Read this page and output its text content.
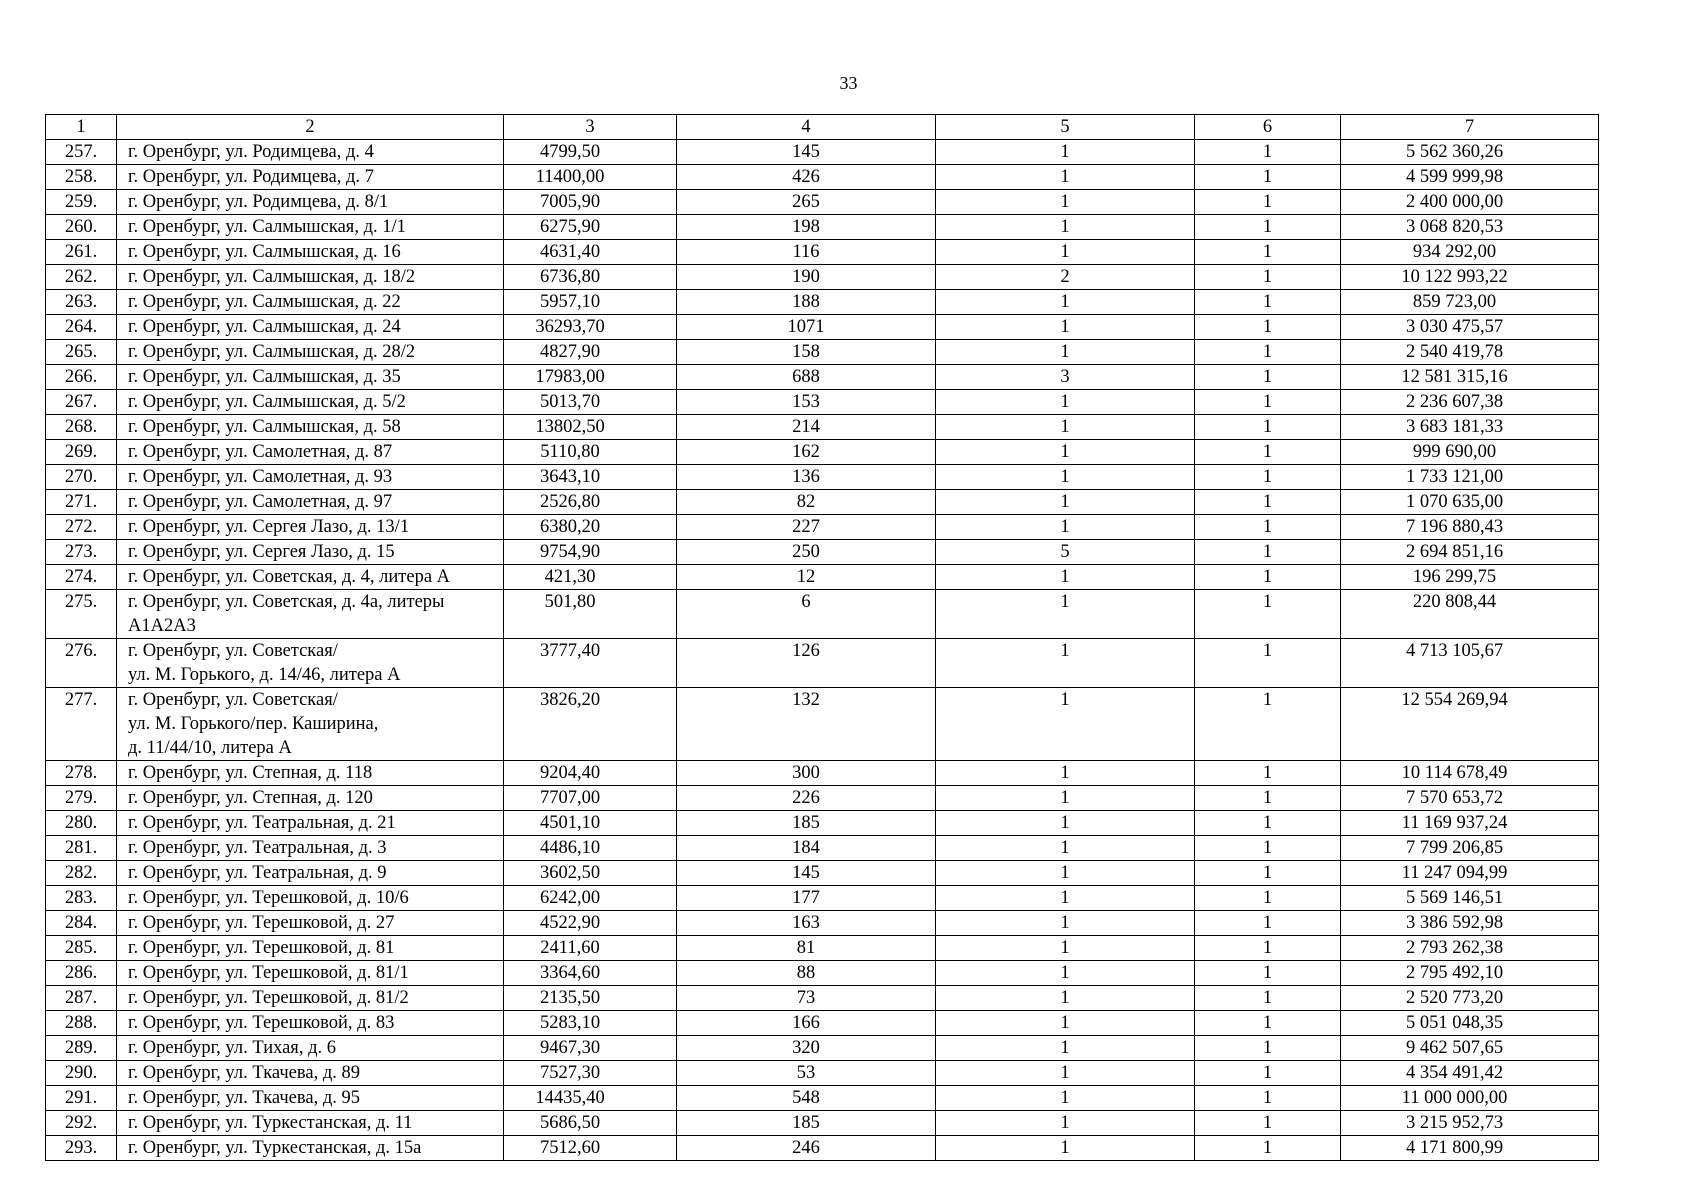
33
1	2	3	4	5	6	7
257.	г. Оренбург, ул. Родимцева, д. 4	4799,50	145	1	1	5 562 360,26
258.	г. Оренбург, ул. Родимцева, д. 7	11400,00	426	1	1	4 599 999,98
259.	г. Оренбург, ул. Родимцева, д. 8/1	7005,90	265	1	1	2 400 000,00
260.	г. Оренбург, ул. Салмышская, д. 1/1	6275,90	198	1	1	3 068 820,53
261.	г. Оренбург, ул. Салмышская, д. 16	4631,40	116	1	1	934 292,00
262.	г. Оренбург, ул. Салмышская, д. 18/2	6736,80	190	2	1	10 122 993,22
263.	г. Оренбург, ул. Салмышская, д. 22	5957,10	188	1	1	859 723,00
264.	г. Оренбург, ул. Салмышская, д. 24	36293,70	1071	1	1	3 030 475,57
265.	г. Оренбург, ул. Салмышская, д. 28/2	4827,90	158	1	1	2 540 419,78
266.	г. Оренбург, ул. Салмышская, д. 35	17983,00	688	3	1	12 581 315,16
267.	г. Оренбург, ул. Салмышская, д. 5/2	5013,70	153	1	1	2 236 607,38
268.	г. Оренбург, ул. Салмышская, д. 58	13802,50	214	1	1	3 683 181,33
269.	г. Оренбург, ул. Самолетная, д. 87	5110,80	162	1	1	999 690,00
270.	г. Оренбург, ул. Самолетная, д. 93	3643,10	136	1	1	1 733 121,00
271.	г. Оренбург, ул. Самолетная, д. 97	2526,80	82	1	1	1 070 635,00
272.	г. Оренбург, ул. Сергея Лазо, д. 13/1	6380,20	227	1	1	7 196 880,43
273.	г. Оренбург, ул. Сергея Лазо, д. 15	9754,90	250	5	1	2 694 851,16
274.	г. Оренбург, ул. Советская, д. 4, литера А	421,30	12	1	1	196 299,75
275.	г. Оренбург, ул. Советская, д. 4а, литеры
А1А2А3	501,80	6	1	1	220 808,44
276.	г. Оренбург, ул. Советская/
ул. М. Горького, д. 14/46, литера А	3777,40	126	1	1	4 713 105,67
277.	г. Оренбург, ул. Советская/
ул. М. Горького/пер. Каширина,
д. 11/44/10, литера А	3826,20	132	1	1	12 554 269,94
278.	г. Оренбург, ул. Степная, д. 118	9204,40	300	1	1	10 114 678,49
279.	г. Оренбург, ул. Степная, д. 120	7707,00	226	1	1	7 570 653,72
280.	г. Оренбург, ул. Театральная, д. 21	4501,10	185	1	1	11 169 937,24
281.	г. Оренбург, ул. Театральная, д. 3	4486,10	184	1	1	7 799 206,85
282.	г. Оренбург, ул. Театральная, д. 9	3602,50	145	1	1	11 247 094,99
283.	г. Оренбург, ул. Терешковой, д. 10/6	6242,00	177	1	1	5 569 146,51
284.	г. Оренбург, ул. Терешковой, д. 27	4522,90	163	1	1	3 386 592,98
285.	г. Оренбург, ул. Терешковой, д. 81	2411,60	81	1	1	2 793 262,38
286.	г. Оренбург, ул. Терешковой, д. 81/1	3364,60	88	1	1	2 795 492,10
287.	г. Оренбург, ул. Терешковой, д. 81/2	2135,50	73	1	1	2 520 773,20
288.	г. Оренбург, ул. Терешковой, д. 83	5283,10	166	1	1	5 051 048,35
289.	г. Оренбург, ул. Тихая, д. 6	9467,30	320	1	1	9 462 507,65
290.	г. Оренбург, ул. Ткачева, д. 89	7527,30	53	1	1	4 354 491,42
291.	г. Оренбург, ул. Ткачева, д. 95	14435,40	548	1	1	11 000 000,00
292.	г. Оренбург, ул. Туркестанская, д. 11	5686,50	185	1	1	3 215 952,73
293.	г. Оренбург, ул. Туркестанская, д. 15а	7512,60	246	1	1	4 171 800,99
